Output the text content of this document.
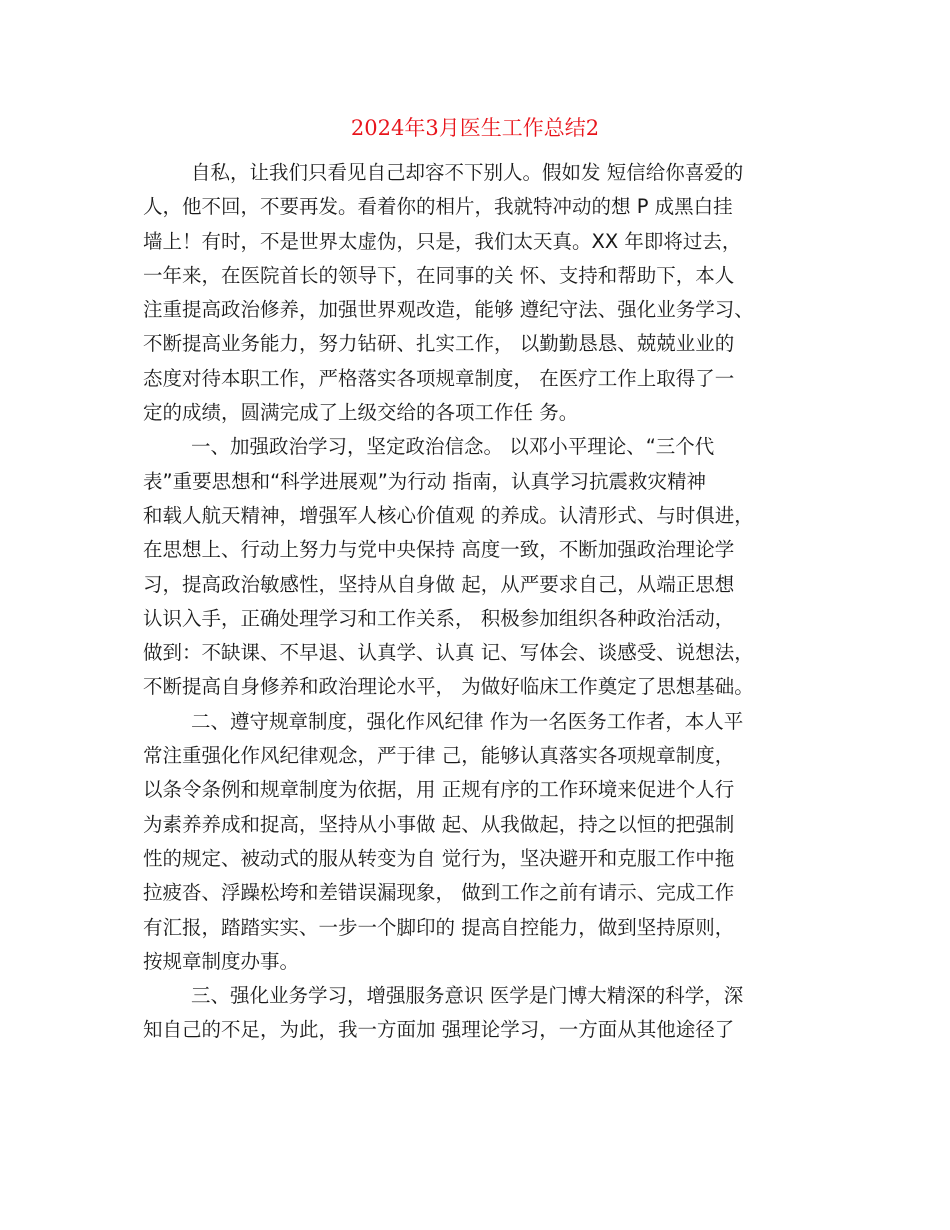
2024年3月医生工作总结2
自私，让我们只看见自己却容不下别人。假如发 短信给你喜爱的
人，他不回，不要再发。看着你的相片，我就特冲动的想 P 成黑白挂
墙上！有时，不是世界太虚伪，只是，我们太天真。XX 年即将过去，
一年来，在医院首长的领导下，在同事的关 怀、支持和帮助下，本人
注重提高政治修养，加强世界观改造，能够 遵纪守法、强化业务学习、
不断提高业务能力，努力钻研、扎实工作， 以勤勤恳恳、兢兢业业的
态度对待本职工作，严格落实各项规章制度， 在医疗工作上取得了一
定的成绩，圆满完成了上级交给的各项工作任 务。
一、加强政治学习，坚定政治信念。 以邓小平理论、“三个代
表”重要思想和“科学进展观”为行动 指南，认真学习抗震救灾精神
和载人航天精神，增强军人核心价值观 的养成。认清形式、与时俱进，
在思想上、行动上努力与党中央保持 高度一致，不断加强政治理论学
习，提高政治敏感性，坚持从自身做 起，从严要求自己，从端正思想
认识入手，正确处理学习和工作关系， 积极参加组织各种政治活动，
做到：不缺课、不早退、认真学、认真 记、写体会、谈感受、说想法，
不断提高自身修养和政治理论水平， 为做好临床工作奠定了思想基础。
二、遵守规章制度，强化作风纪律 作为一名医务工作者，本人平
常注重强化作风纪律观念，严于律 己，能够认真落实各项规章制度，
以条令条例和规章制度为依据，用 正规有序的工作环境来促进个人行
为素养养成和捉高，坚持从小事做 起、从我做起，持之以恒的把强制
性的规定、被动式的服从转变为自 觉行为，坚决避开和克服工作中拖
拉疲沓、浮躁松垮和差错误漏现象， 做到工作之前有请示、完成工作
有汇报，踏踏实实、一步一个脚印的 提高自控能力，做到坚持原则，
按规章制度办事。
三、强化业务学习，增强服务意识 医学是门博大精深的科学，深
知自己的不足，为此，我一方面加 强理论学习，一方面从其他途径了
